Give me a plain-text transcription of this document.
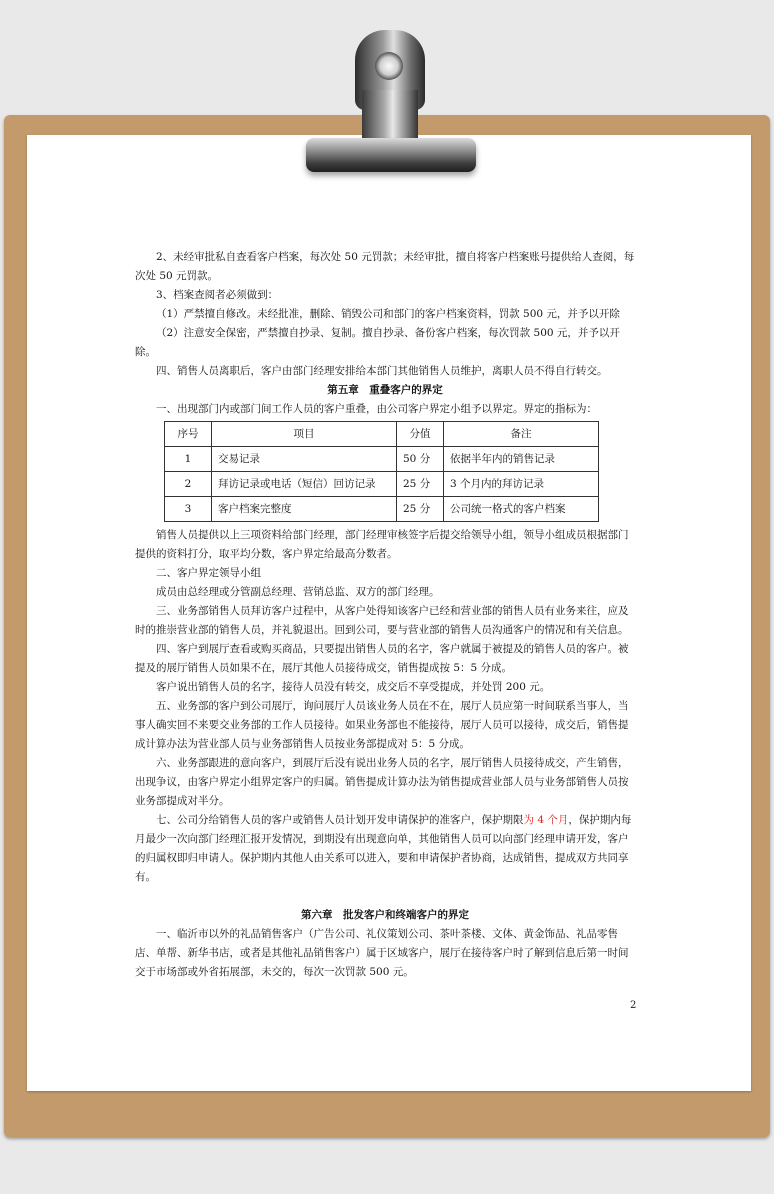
2、未经审批私自查看客户档案，每次处 50 元罚款；未经审批，擅自将客户档案账号提供给人查阅，每次处 50 元罚款。

3、档案查阅者必须做到：

（1）严禁擅自修改。未经批准，删除、销毁公司和部门的客户档案资料，罚款 500 元，并予以开除

（2）注意安全保密，严禁擅自抄录、复制。擅自抄录、备份客户档案，每次罚款 500 元，并予以开除。

四、销售人员离职后，客户由部门经理安排给本部门其他销售人员维护，离职人员不得自行转交。

第五章　重叠客户的界定

一、出现部门内或部门间工作人员的客户重叠，由公司客户界定小组予以界定。界定的指标为：

序号	项目	分值	备注
1	交易记录	50 分	依据半年内的销售记录
2	拜访记录或电话（短信）回访记录	25 分	3 个月内的拜访记录
3	客户档案完整度	25 分	公司统一格式的客户档案

销售人员提供以上三项资料给部门经理，部门经理审核签字后提交给领导小组，领导小组成员根据部门提供的资料打分，取平均分数，客户界定给最高分数者。

二、客户界定领导小组

成员由总经理或分管副总经理、营销总监、双方的部门经理。

三、业务部销售人员拜访客户过程中，从客户处得知该客户已经和营业部的销售人员有业务来往，应及时的推崇营业部的销售人员，并礼貌退出。回到公司，要与营业部的销售人员沟通客户的情况和有关信息。

四、客户到展厅查看或购买商品，只要提出销售人员的名字，客户就属于被提及的销售人员的客户。被提及的展厅销售人员如果不在，展厅其他人员接待成交，销售提成按 5：5 分成。

客户说出销售人员的名字，接待人员没有转交，成交后不享受提成，并处罚 200 元。

五、业务部的客户到公司展厅，询问展厅人员该业务人员在不在，展厅人员应第一时间联系当事人，当事人确实回不来要交业务部的工作人员接待。如果业务部也不能接待，展厅人员可以接待，成交后，销售提成计算办法为营业部人员与业务部销售人员按业务部提成对 5：5 分成。

六、业务部跟进的意向客户，到展厅后没有说出业务人员的名字，展厅销售人员接待成交，产生销售，出现争议，由客户界定小组界定客户的归属。销售提成计算办法为销售提成营业部人员与业务部销售人员按业务部提成对半分。

七、公司分给销售人员的客户或销售人员计划开发申请保护的准客户，保护期限为 4 个月，保护期内每月最少一次向部门经理汇报开发情况，到期没有出现意向单，其他销售人员可以向部门经理申请开发，客户的归属权即归申请人。保护期内其他人由关系可以进入，要和申请保护者协商，达成销售，提成双方共同享有。

第六章　批发客户和终端客户的界定

一、临沂市以外的礼品销售客户（广告公司、礼仪策划公司、茶叶茶楼、文体、黄金饰品、礼品零售店、单帮、新华书店，或者是其他礼品销售客户）属于区域客户，展厅在接待客户时了解到信息后第一时间交于市场部或外省拓展部，未交的，每次一次罚款 500 元。

2
